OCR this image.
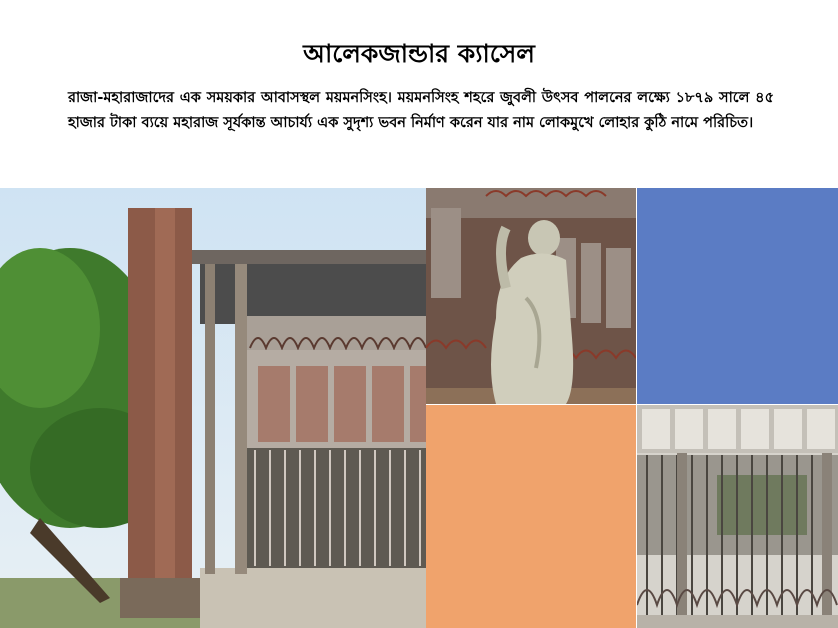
আলেকজান্ডার ক্যাসেল
রাজা-মহারাজাদের এক সময়কার আবাসস্থল ময়মনসিংহ। ময়মনসিংহ শহরে জুবলী উৎসব পালনের লক্ষ্যে ১৮৭৯ সালে ৪৫ হাজার টাকা ব্যয়ে মহারাজ সূর্যকান্ত আচার্য্য এক সুদৃশ্য ভবন নির্মাণ করেন যার নাম লোকমুখে লোহার কুঠি নামে পরিচিত।
